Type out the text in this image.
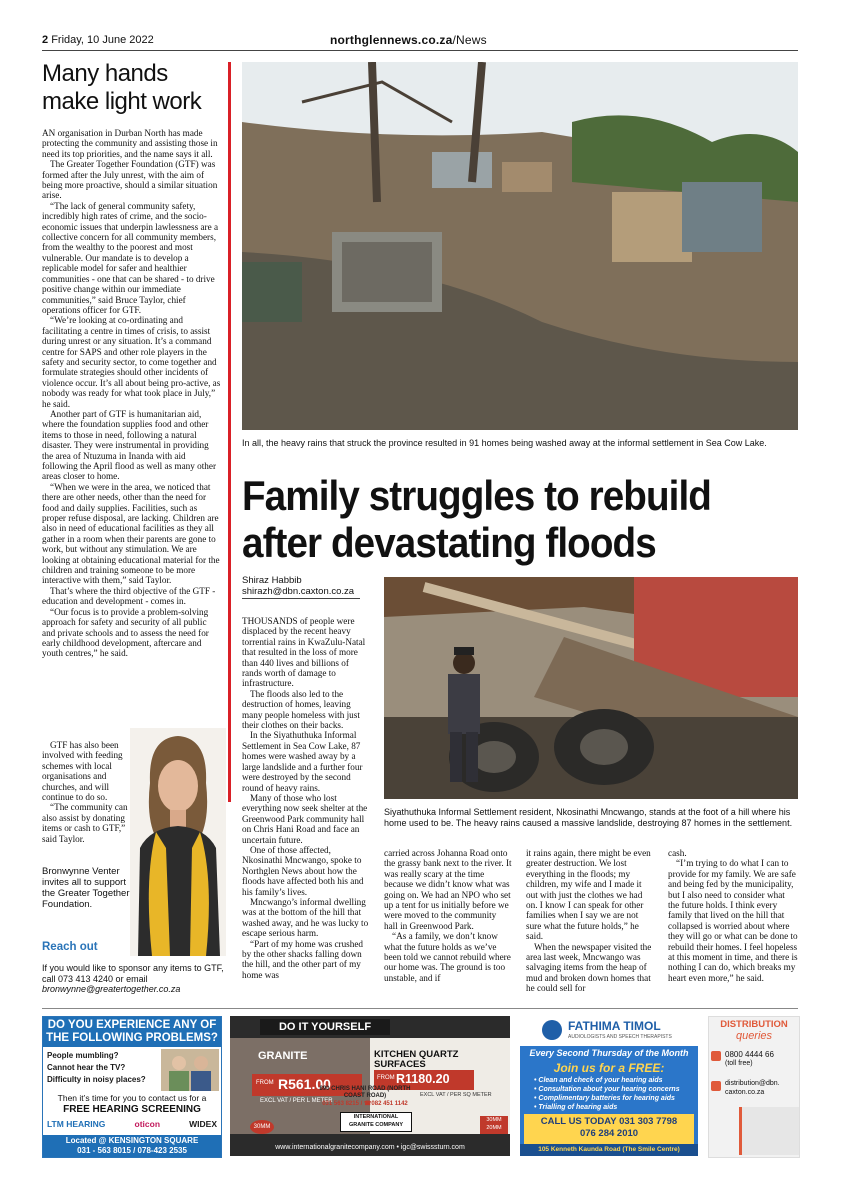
2 Friday, 10 June 2022	northglennews.co.za/News
Many hands make light work

AN organisation in Durban North has made protecting the community and assisting those in need its top priorities, and the name says it all.

The Greater Together Foundation (GTF) was formed after the July unrest, with the aim of being more proactive, should a similar situation arise.

“The lack of general community safety, incredibly high rates of crime, and the socio-economic issues that underpin lawlessness are a collective concern for all community members, from the wealthy to the poorest and most vulnerable. Our mandate is to develop a replicable model for safer and healthier communities - one that can be shared - to drive positive change within our immediate communities,” said Bruce Taylor, chief operations officer for GTF.

“We’re looking at co-ordinating and facilitating a centre in times of crisis, to assist during unrest or any situation. It’s a command centre for SAPS and other role players in the safety and security sector, to come together and formulate strategies should other incidents of violence occur. It’s all about being pro-active, as nobody was ready for what took place in July,” he said.

Another part of GTF is humanitarian aid, where the foundation supplies food and other items to those in need, following a natural disaster. They were instrumental in providing the area of Ntuzuma in Inanda with aid following the April flood as well as many other areas closer to home.

“When we were in the area, we noticed that there are other needs, other than the need for food and daily supplies. Facilities, such as proper refuse disposal, are lacking. Children are also in need of educational facilities as they all gather in a room when their parents are gone to work, but without any stimulation. We are looking at obtaining educational material for the children and training someone to be more interactive with them,” said Taylor.

That’s where the third objective of the GTF - education and development - comes in.

“Our focus is to provide a problem-solving approach for safety and security of all public and private schools and to assess the need for early childhood development, aftercare and youth centres,” he said.

GTF has also been involved with feeding schemes with local organisations and churches, and will continue to do so.

“The community can also assist by donating items or cash to GTF,” said Taylor.

Bronwynne Venter invites all to support the Greater Together Foundation.
Reach out
If you would like to sponsor any items to GTF, call 073 413 4240 or email bronwynne@greatertogether.co.za
In all, the heavy rains that struck the province resulted in 91 homes being washed away at the informal settlement in Sea Cow Lake.
Family struggles to rebuild after devastating floods
Shiraz Habbib
shirazh@dbn.caxton.co.za

THOUSANDS of people were displaced by the recent heavy torrential rains in KwaZulu-Natal that resulted in the loss of more than 440 lives and billions of rands worth of damage to infrastructure.

The floods also led to the destruction of homes, leaving many people homeless with just their clothes on their backs.

In the Siyathuthuka Informal Settlement in Sea Cow Lake, 87 homes were washed away by a large landslide and a further four were destroyed by the second round of heavy rains.

Many of those who lost everything now seek shelter at the Greenwood Park community hall on Chris Hani Road and face an uncertain future.

One of those affected, Nkosinathi Mncwango, spoke to Northglen News about how the floods have affected both his and his family’s lives.

Mncwango’s informal dwelling was at the bottom of the hill that washed away, and he was lucky to escape serious harm.

“Part of my home was crushed by the other shacks falling down the hill, and the other part of my home was

Siyathuthuka Informal Settlement resident, Nkosinathi Mncwango, stands at the foot of a hill where his home used to be. The heavy rains caused a massive landslide, destroying 87 homes in the settlement.

carried across Johanna Road onto the grassy bank next to the river. It was really scary at the time because we didn’t know what was going on. We had an NPO who set up a tent for us initially before we were moved to the community hall in Greenwood Park.

“As a family, we don’t know what the future holds as we’ve been told we cannot rebuild where our home was. The ground is too unstable, and if

it rains again, there might be even greater destruction. We lost everything in the floods; my children, my wife and I made it out with just the clothes we had on. I know I can speak for other families when I say we are not sure what the future holds,” he said.

When the newspaper visited the area last week, Mncwango was salvaging items from the heap of mud and broken down homes that he could sell for

cash.

“I’m trying to do what I can to provide for my family. We are safe and being fed by the municipality, but I also need to consider what the future holds. I think every family that lived on the hill that collapsed is worried about where they will go or what can be done to rebuild their homes. I feel hopeless at this moment in time, and there is nothing I can do, which breaks my heart even more,” he said.

DO YOU EXPERIENCE ANY OF THE FOLLOWING PROBLEMS?
People mumbling?
Cannot hear the TV?
Difficulty in noisy places?
Then it’s time for you to contact us for a
FREE HEARING SCREENING
LTM HEARING	oticon	WIDEX
Located @ KENSINGTON SQUARE
031 - 563 8015 / 078-423 2535
DO IT YOURSELF
GRANITE
FROM R561.00
EXCL VAT / PER L METER
30MM
KITCHEN QUARTZ SURFACES
FROM R1180.20
EXCL VAT / PER SQ METER
30MM 20MM
890 CHRIS HANI ROAD (NORTH COAST ROAD)
031 563 8215 / ☎082 451 1142
INTERNATIONAL GRANITE COMPANY
www.internationalgranitecompany.com • igc@swisssturn.com
FATHIMA TIMOL
AUDIOLOGISTS AND SPEECH THERAPISTS
Every Second Thursday of the Month
Join us for a FREE:
• Clean and check of your hearing aids
• Consultation about your hearing concerns
• Complimentary batteries for hearing aids
• Trialling of hearing aids
CALL US TODAY 031 303 7798
076 284 2010
105 Kenneth Kaunda Road (The Smile Centre)
DISTRIBUTION
queries
0800 4444 66
(toll free)
distribution@dbn.
caxton.co.za
